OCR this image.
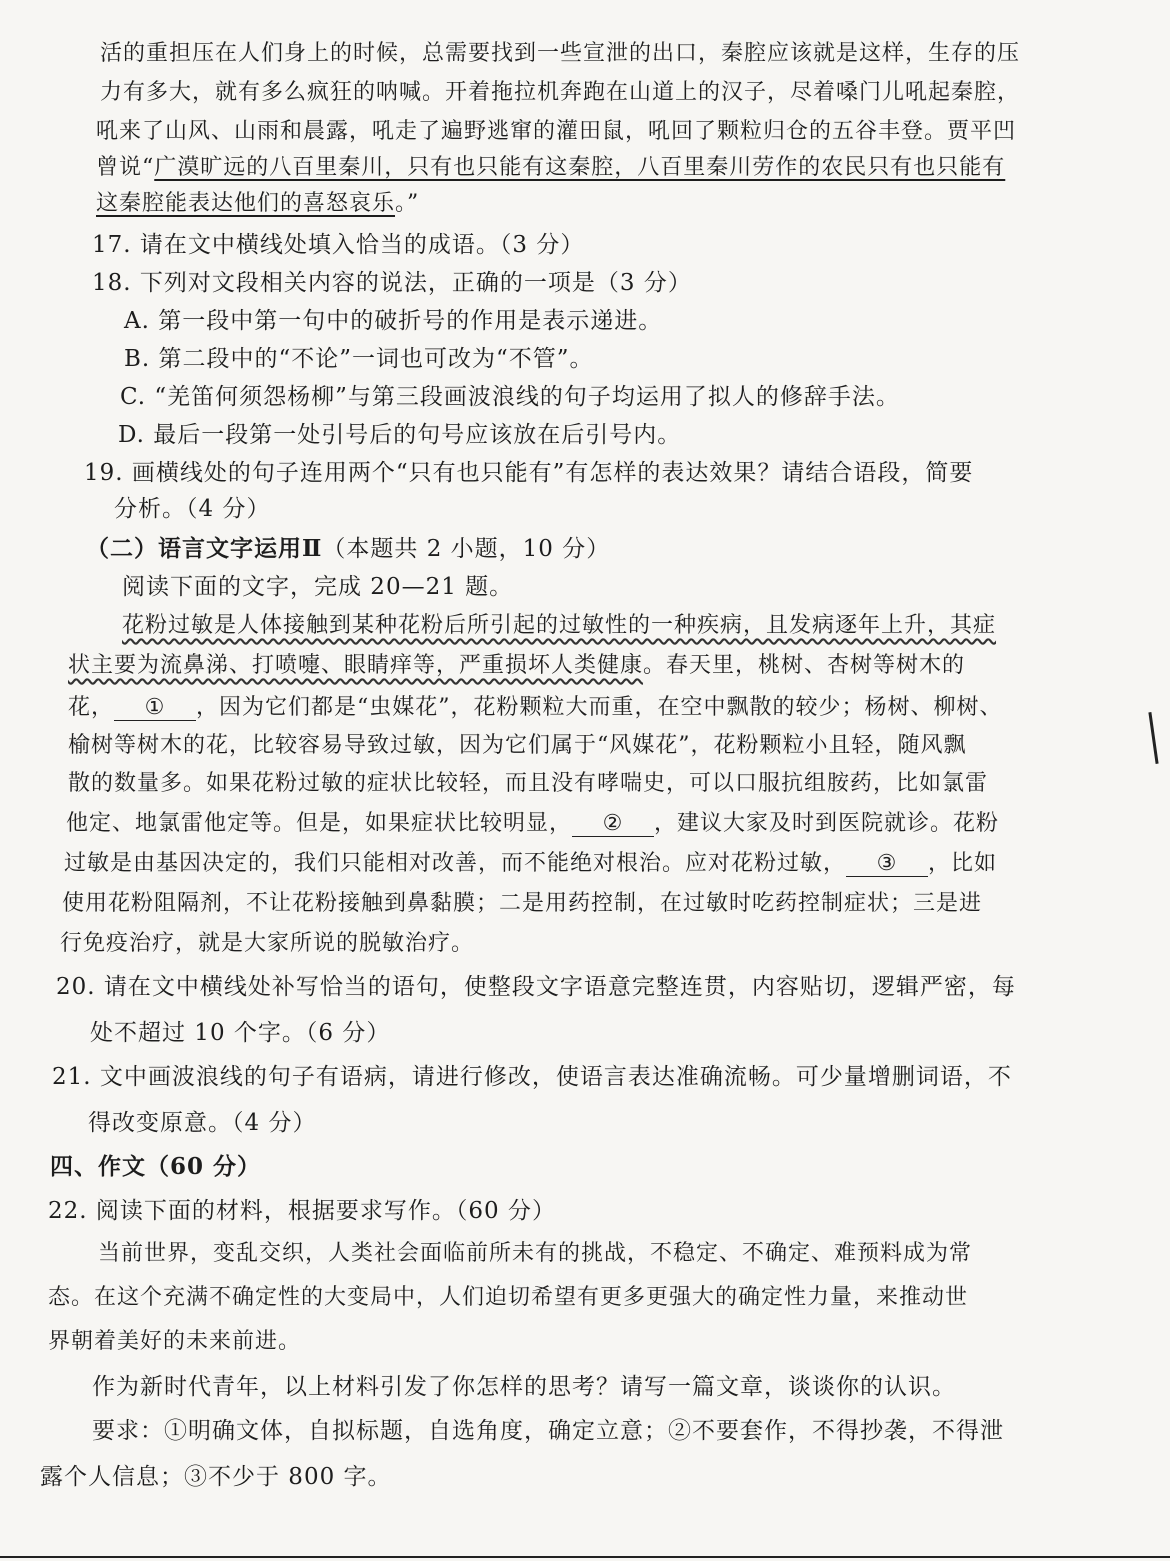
活的重担压在人们身上的时候，总需要找到一些宣泄的出口，秦腔应该就是这样，生存的压
力有多大，就有多么疯狂的呐喊。开着拖拉机奔跑在山道上的汉子，尽着嗓门儿吼起秦腔，
吼来了山风、山雨和晨露，吼走了遍野逃窜的灌田鼠，吼回了颗粒归仓的五谷丰登。贾平凹
曾说“广漠旷远的八百里秦川，只有也只能有这秦腔，八百里秦川劳作的农民只有也只能有
这秦腔能表达他们的喜怒哀乐。”
17. 请在文中横线处填入恰当的成语。（3 分）
18. 下列对文段相关内容的说法，正确的一项是（3 分）
A. 第一段中第一句中的破折号的作用是表示递进。
B. 第二段中的“不论”一词也可改为“不管”。
C. “羌笛何须怨杨柳”与第三段画波浪线的句子均运用了拟人的修辞手法。
D. 最后一段第一处引号后的句号应该放在后引号内。
19. 画横线处的句子连用两个“只有也只能有”有怎样的表达效果？请结合语段，简要
分析。（4 分）
（二）语言文字运用Ⅱ（本题共 2 小题，10 分）
阅读下面的文字，完成 20—21 题。
花粉过敏是人体接触到某种花粉后所引起的过敏性的一种疾病，且发病逐年上升，其症
状主要为流鼻涕、打喷嚏、眼睛痒等，严重损坏人类健康。春天里，桃树、杏树等树木的
花， ① ，因为它们都是“虫媒花”，花粉颗粒大而重，在空中飘散的较少；杨树、柳树、
榆树等树木的花，比较容易导致过敏，因为它们属于“风媒花”，花粉颗粒小且轻，随风飘
散的数量多。如果花粉过敏的症状比较轻，而且没有哮喘史，可以口服抗组胺药，比如氯雷
他定、地氯雷他定等。但是，如果症状比较明显， ② ，建议大家及时到医院就诊。花粉
过敏是由基因决定的，我们只能相对改善，而不能绝对根治。应对花粉过敏， ③ ，比如
使用花粉阻隔剂，不让花粉接触到鼻黏膜；二是用药控制，在过敏时吃药控制症状；三是进
行免疫治疗，就是大家所说的脱敏治疗。
20. 请在文中横线处补写恰当的语句，使整段文字语意完整连贯，内容贴切，逻辑严密，每
处不超过 10 个字。（6 分）
21. 文中画波浪线的句子有语病，请进行修改，使语言表达准确流畅。可少量增删词语，不
得改变原意。（4 分）
四、作文（60 分）
22. 阅读下面的材料，根据要求写作。（60 分）
当前世界，变乱交织，人类社会面临前所未有的挑战，不稳定、不确定、难预料成为常
态。在这个充满不确定性的大变局中，人们迫切希望有更多更强大的确定性力量，来推动世
界朝着美好的未来前进。
作为新时代青年，以上材料引发了你怎样的思考？请写一篇文章，谈谈你的认识。
要求：①明确文体，自拟标题，自选角度，确定立意；②不要套作，不得抄袭，不得泄
露个人信息；③不少于 800 字。
